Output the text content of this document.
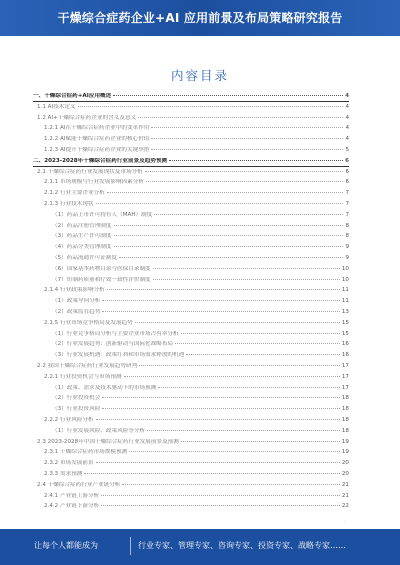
干燥综合症药企业+AI 应用前景及布局策略研究报告
内容目录
一、干燥综合症药+AI应用概述	4
1.1 AI技术定义	4
1.2 AI+干燥综合症药企业的含义及意义	4
1.2.1 AI在干燥综合症药企业中的变革作用	4
1.2.2 AI赋能干燥综合症药企业的核心价值	4
1.2.3 AI提升干燥综合症药企业的关键举措	5
二、2023-2028年干燥综合症药行业前景及趋势预测	6
2.1 干燥综合症药行业发展现状及市场分析	6
2.1.1 市场规模与行业发展影响因素分析	6
2.1.2 行业主要企业分析	7
2.1.3 行业技术现状	7
（1）药品上市许可持有人（MAH）制度	7
（2）药品注册管理制度	8
（3）药品生产许可制度	8
（4）药品分类管理制度	9
（5）药品流通许可证制度	9
（6）国家基本药物目录与医保目录制度	10
（7）仿制药质量和疗效一致性评价制度	10
2.1.4 行业政策影响分析	11
（1）政策导向分析	11
（2）政策监管趋势	13
2.1.5 行业市场竞争格局及发展趋势	15
（1）行业竞争格局分析与主要企业市场占有率分析	15
（2）行业发展趋势：创新驱动与国际化战略布局	16
（3）行业发展机遇：政策红利和市场需求释放的机遇	16
2.2 我国干燥综合症药行业发展趋势研判	17
2.2.1 行业投资机会与市场预测	17
（1）政策、需求及技术驱动下的市场预测	17
（2）行业投资机会	18
（3）行业投资风险	18
2.2.2 行业风险分析	18
（1）行业发展风险、政策风险等分析	18
2.3 2023-2028年中国干燥综合症药行业发展前景及预测	19
2.3.1 干燥综合症药市场规模预测	19
2.3.2 市场发展前景	20
2.3.3 需求预测	20
2.4 干燥综合症药行业产业链分析	21
2.4.1 产业链上游分析	21
2.4.2 产业链下游分析	22
·
让每个人都能成为	行业专家、管理专家、咨询专家、投资专家、战略专家……
